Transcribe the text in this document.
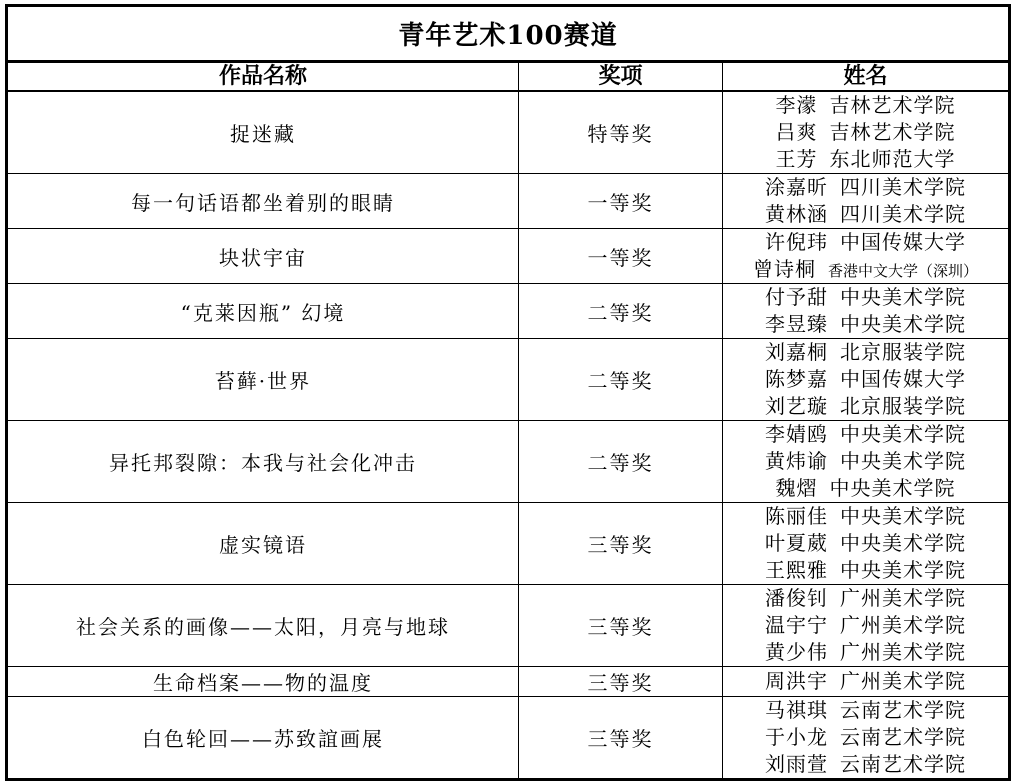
青年艺术100赛道		
作品名称	奖项	姓名
捉迷藏	特等奖	李濛 吉林艺术学院
吕爽 吉林艺术学院
王芳 东北师范大学

每一句话语都坐着别的眼睛	一等奖	涂嘉昕 四川美术学院
黄林涵 四川美术学院

块状宇宙	一等奖	许倪玮 中国传媒大学
曾诗桐 香港中文大学（深圳）

“克莱因瓶” 幻境	二等奖	付予甜 中央美术学院
李昱臻 中央美术学院

苔藓·世界	二等奖	刘嘉桐 北京服装学院
陈梦嘉 中国传媒大学
刘艺璇 北京服装学院

异托邦裂隙：本我与社会化冲击	二等奖	李婧鸥 中央美术学院
黄炜谕 中央美术学院
魏熠 中央美术学院

虚实镜语	三等奖	陈丽佳 中央美术学院
叶夏葳 中央美术学院
王熙雅 中央美术学院

社会关系的画像——太阳，月亮与地球	三等奖	潘俊钊 广州美术学院
温宇宁 广州美术学院
黄少伟 广州美术学院

生命档案——物的温度	三等奖	周洪宇 广州美术学院

白色轮回——苏致誼画展	三等奖	马祺琪 云南艺术学院
于小龙 云南艺术学院
刘雨萱 云南艺术学院
